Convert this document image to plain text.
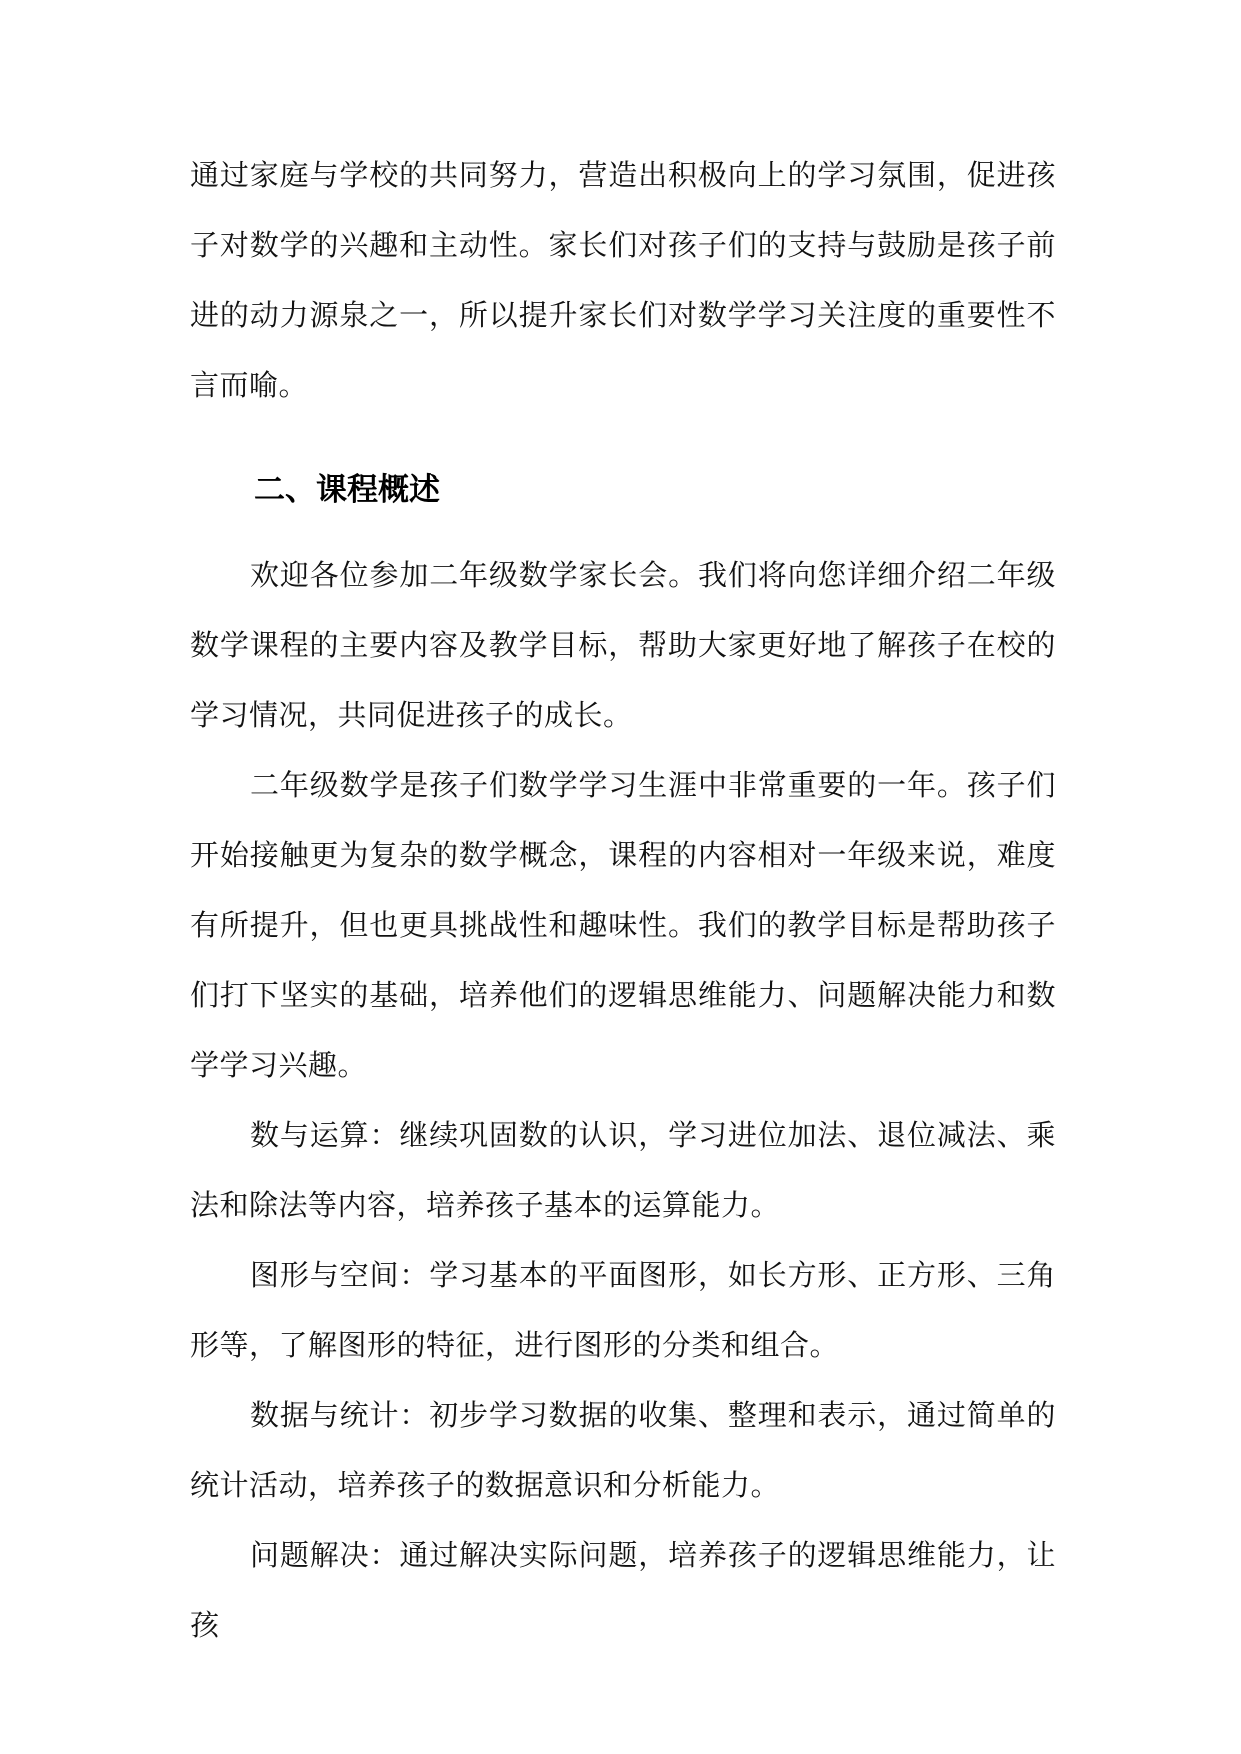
通过家庭与学校的共同努力，营造出积极向上的学习氛围，促进孩子对数学的兴趣和主动性。家长们对孩子们的支持与鼓励是孩子前进的动力源泉之一，所以提升家长们对数学学习关注度的重要性不言而喻。

二、课程概述

欢迎各位参加二年级数学家长会。我们将向您详细介绍二年级数学课程的主要内容及教学目标，帮助大家更好地了解孩子在校的学习情况，共同促进孩子的成长。

二年级数学是孩子们数学学习生涯中非常重要的一年。孩子们开始接触更为复杂的数学概念，课程的内容相对一年级来说，难度有所提升，但也更具挑战性和趣味性。我们的教学目标是帮助孩子们打下坚实的基础，培养他们的逻辑思维能力、问题解决能力和数学学习兴趣。

数与运算：继续巩固数的认识，学习进位加法、退位减法、乘法和除法等内容，培养孩子基本的运算能力。

图形与空间：学习基本的平面图形，如长方形、正方形、三角形等，了解图形的特征，进行图形的分类和组合。

数据与统计：初步学习数据的收集、整理和表示，通过简单的统计活动，培养孩子的数据意识和分析能力。

问题解决：通过解决实际问题，培养孩子的逻辑思维能力，让孩
